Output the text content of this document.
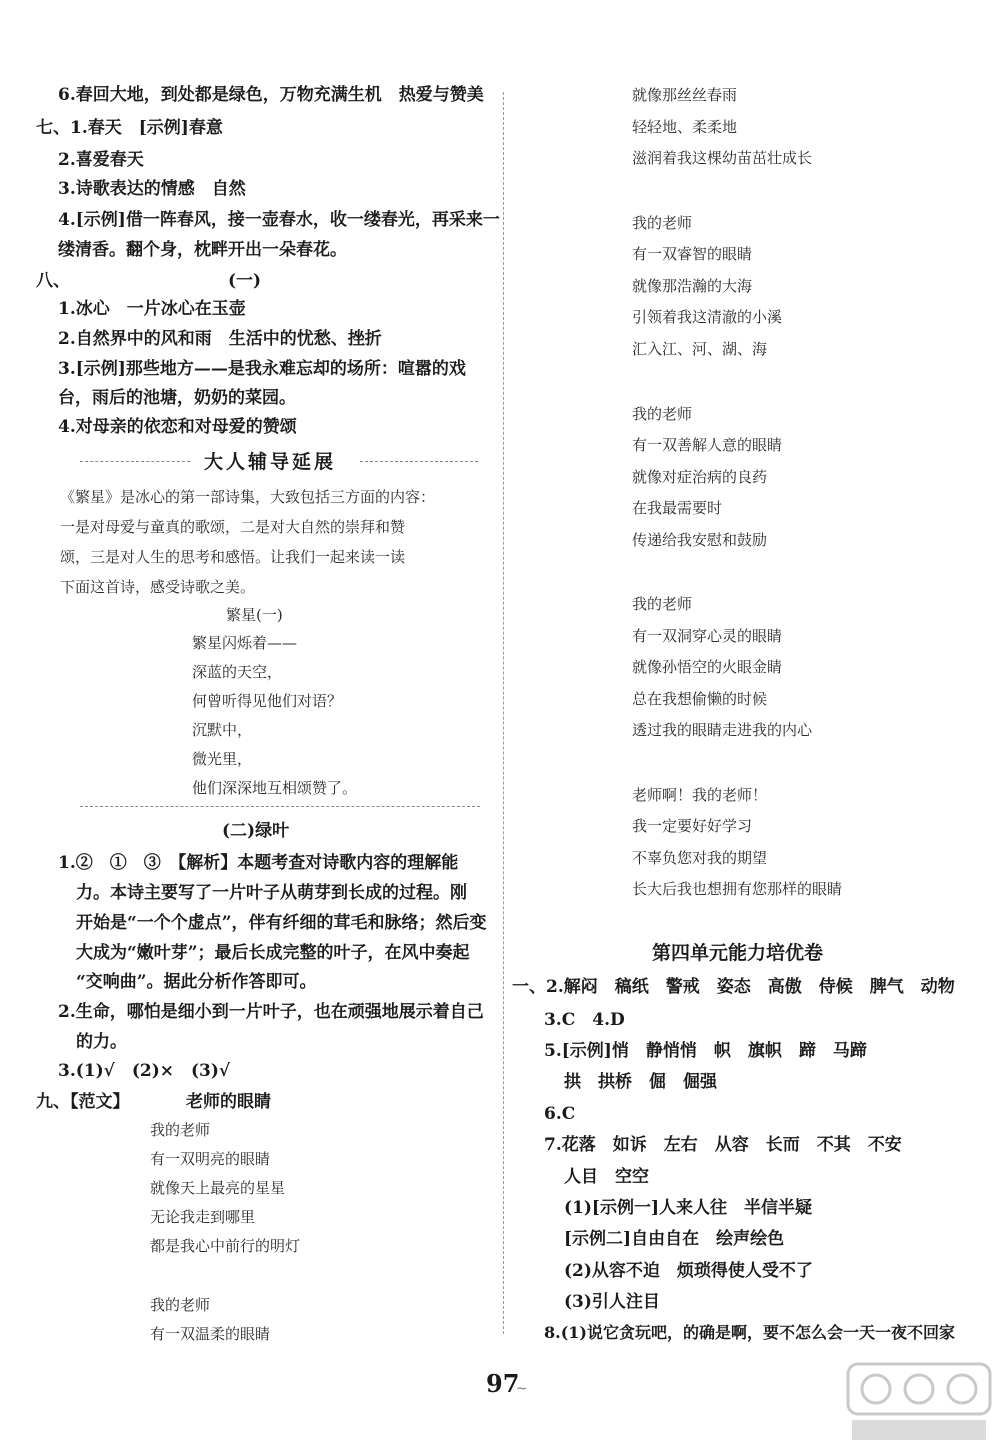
6.春回大地，到处都是绿色，万物充满生机　热爱与赞美
七、1.春天　[示例]春意
2.喜爱春天
3.诗歌表达的情感　自然
4.[示例]借一阵春风，接一壶春水，收一缕春光，再采来一
缕清香。翻个身，枕畔开出一朵春花。
八、	(一)
1.冰心　一片冰心在玉壶
2.自然界中的风和雨　生活中的忧愁、挫折
3.[示例]那些地方——是我永难忘却的场所：喧嚣的戏
台，雨后的池塘，奶奶的菜园。
4.对母亲的依恋和对母爱的赞颂
大人辅导延展
《繁星》是冰心的第一部诗集，大致包括三方面的内容：
一是对母爱与童真的歌颂，二是对大自然的崇拜和赞
颂，三是对人生的思考和感悟。让我们一起来读一读
下面这首诗，感受诗歌之美。
繁星(一)
繁星闪烁着——
深蓝的天空，
何曾听得见他们对语？
沉默中，
微光里，
他们深深地互相颂赞了。
(二)绿叶
1.②　①　③　【解析】本题考查对诗歌内容的理解能
力。本诗主要写了一片叶子从萌芽到长成的过程。刚
开始是“一个个虚点”，伴有纤细的茸毛和脉络；然后变
大成为“嫩叶芽”；最后长成完整的叶子，在风中奏起
“交响曲”。据此分析作答即可。
2.生命，哪怕是细小到一片叶子，也在顽强地展示着自己
的力。
3.(1)√　(2)×　(3)√
九、【范文】	老师的眼睛
我的老师
有一双明亮的眼睛
就像天上最亮的星星
无论我走到哪里
都是我心中前行的明灯
我的老师
有一双温柔的眼睛
就像那丝丝春雨
轻轻地、柔柔地
滋润着我这棵幼苗茁壮成长
我的老师
有一双睿智的眼睛
就像那浩瀚的大海
引领着我这清澈的小溪
汇入江、河、湖、海
我的老师
有一双善解人意的眼睛
就像对症治病的良药
在我最需要时
传递给我安慰和鼓励
我的老师
有一双洞穿心灵的眼睛
就像孙悟空的火眼金睛
总在我想偷懒的时候
透过我的眼睛走进我的内心
老师啊！我的老师！
我一定要好好学习
不辜负您对我的期望
长大后我也想拥有您那样的眼睛
第四单元能力培优卷
一、2.解闷　稿纸　警戒　姿态　高傲　侍候　脾气　动物
3.C　4.D
5.[示例]悄　静悄悄　帜　旗帜　蹄　马蹄
拱　拱桥　倔　倔强
6.C
7.花落　如诉　左右　从容　长而　不其　不安
人目　空空
(1)[示例一]人来人往　半信半疑
[示例二]自由自在　绘声绘色
(2)从容不迫　烦琐得使人受不了
(3)引人注目
8.(1)说它贪玩吧，的确是啊，要不怎么会一天一夜不回家
97
~
